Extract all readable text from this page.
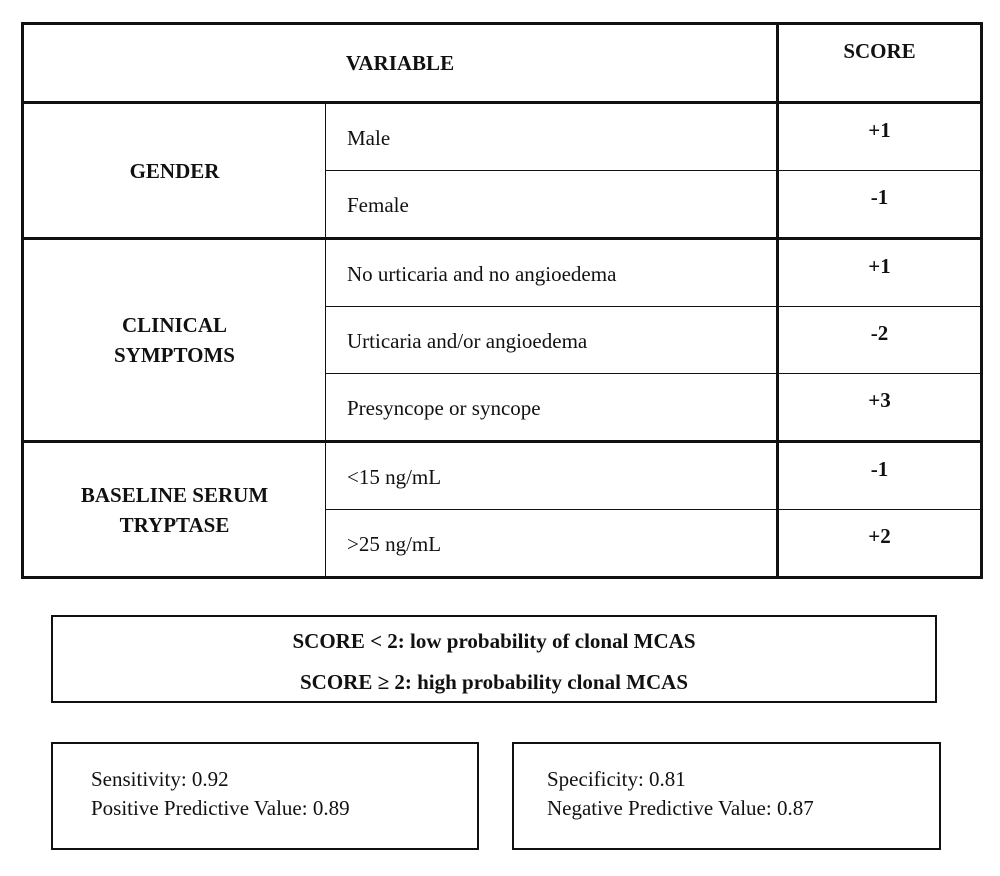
VARIABLE		SCORE
GENDER	Male	+1
	Female	-1
CLINICAL SYMPTOMS	No urticaria and no angioedema	+1
	Urticaria and/or angioedema	-2
	Presyncope or syncope	+3
BASELINE SERUM TRYPTASE	<15 ng/mL	-1
	>25 ng/mL	+2
SCORE < 2: low probability of clonal MCAS
SCORE ≥ 2: high probability clonal MCAS
Sensitivity: 0.92
Positive Predictive Value: 0.89
Specificity: 0.81
Negative Predictive Value: 0.87
